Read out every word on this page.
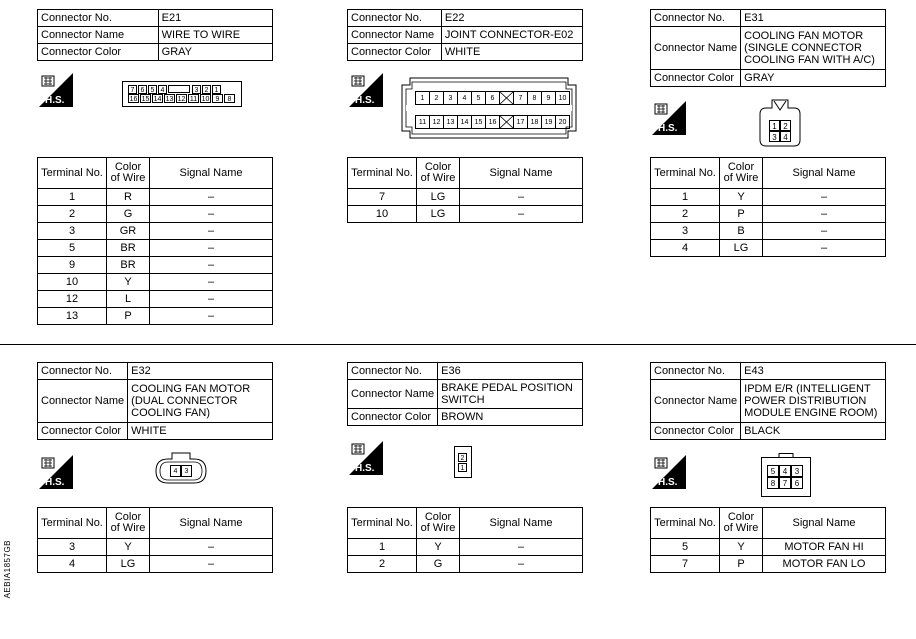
Connector No.	E21
Connector Name	WIRE TO WIRE
Connector Color	GRAY
H.S.
7 6 5 4	3 2 1
16 15 14 13 12 11 10 9	8
Terminal No.	Color of Wire	Signal Name
1	R	–
2	G	–
3	GR	–
5	BR	–
9	BR	–
10	Y	–
12	L	–
13	P	–
Connector No.	E22
Connector Name	JOINT CONNECTOR-E02
Connector Color	WHITE
H.S.	1	2	3	4	5	6	7	8	9	10
11 12 13 14 15 16	17 18 19 20
Terminal No.	Color of Wire	Signal Name
7	LG	–
10	LG	–
Connector No.	E31
Connector Name	COOLING FAN MOTOR (SINGLE CONNECTOR COOLING FAN WITH A/C)
Connector Color	GRAY
H.S.	1 2
3 4
Terminal No.	Color of Wire	Signal Name
1	Y	–
2	P	–
3	B	–
4	LG	–
Connector No.	E32
Connector Name	COOLING FAN MOTOR (DUAL CONNECTOR COOLING FAN)
Connector Color	WHITE
H.S.
4	3
Terminal No.	Color of Wire	Signal Name
3	Y	–
4	LG	–
Connector No.	E36
Connector Name	BRAKE PEDAL POSITION SWITCH
Connector Color	BROWN
H.S.
2
1
Terminal No.	Color of Wire	Signal Name
1	Y	–
2	G	–
Connector No.	E43
Connector Name	IPDM E/R (INTELLIGENT POWER DISTRIBUTION MODULE ENGINE ROOM)
Connector Color	BLACK
H.S.
5 4 3
8 7 6
Terminal No.	Color of Wire	Signal Name
5	Y	MOTOR FAN HI
7	P	MOTOR FAN LO
AEBIA1857GB
